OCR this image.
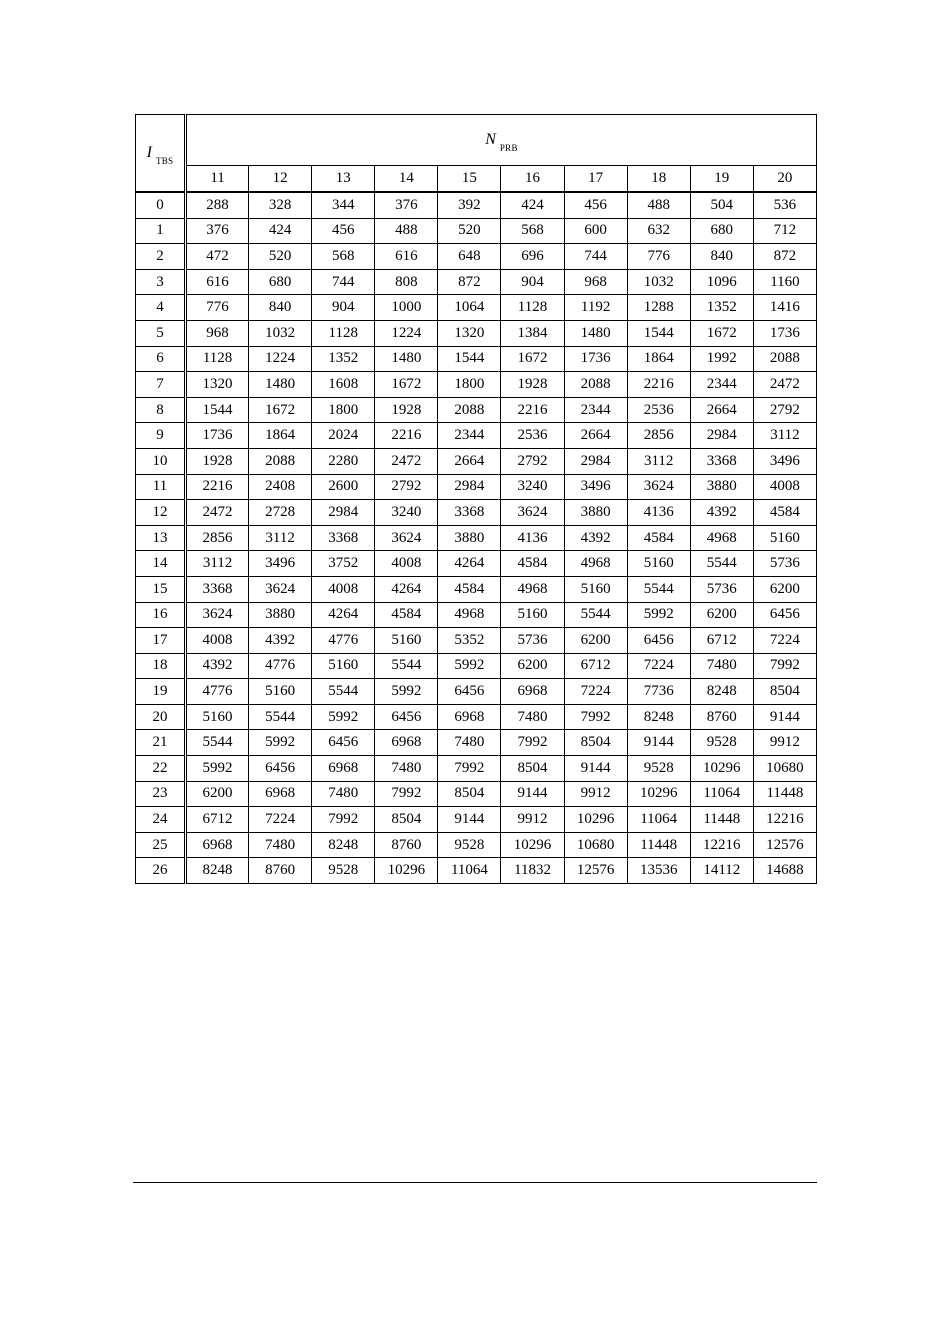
I $_{TBS}$	N $_{PRB}$
	11	12	13	14	15	16	17	18	19	20
0	288	328	344	376	392	424	456	488	504	536
1	376	424	456	488	520	568	600	632	680	712
2	472	520	568	616	648	696	744	776	840	872
3	616	680	744	808	872	904	968	1032	1096	1160
4	776	840	904	1000	1064	1128	1192	1288	1352	1416
5	968	1032	1128	1224	1320	1384	1480	1544	1672	1736
6	1128	1224	1352	1480	1544	1672	1736	1864	1992	2088
7	1320	1480	1608	1672	1800	1928	2088	2216	2344	2472
8	1544	1672	1800	1928	2088	2216	2344	2536	2664	2792
9	1736	1864	2024	2216	2344	2536	2664	2856	2984	3112
10	1928	2088	2280	2472	2664	2792	2984	3112	3368	3496
11	2216	2408	2600	2792	2984	3240	3496	3624	3880	4008
12	2472	2728	2984	3240	3368	3624	3880	4136	4392	4584
13	2856	3112	3368	3624	3880	4136	4392	4584	4968	5160
14	3112	3496	3752	4008	4264	4584	4968	5160	5544	5736
15	3368	3624	4008	4264	4584	4968	5160	5544	5736	6200
16	3624	3880	4264	4584	4968	5160	5544	5992	6200	6456
17	4008	4392	4776	5160	5352	5736	6200	6456	6712	7224
18	4392	4776	5160	5544	5992	6200	6712	7224	7480	7992
19	4776	5160	5544	5992	6456	6968	7224	7736	8248	8504
20	5160	5544	5992	6456	6968	7480	7992	8248	8760	9144
21	5544	5992	6456	6968	7480	7992	8504	9144	9528	9912
22	5992	6456	6968	7480	7992	8504	9144	9528	10296	10680
23	6200	6968	7480	7992	8504	9144	9912	10296	11064	11448
24	6712	7224	7992	8504	9144	9912	10296	11064	11448	12216
25	6968	7480	8248	8760	9528	10296	10680	11448	12216	12576
26	8248	8760	9528	10296	11064	11832	12576	13536	14112	14688
